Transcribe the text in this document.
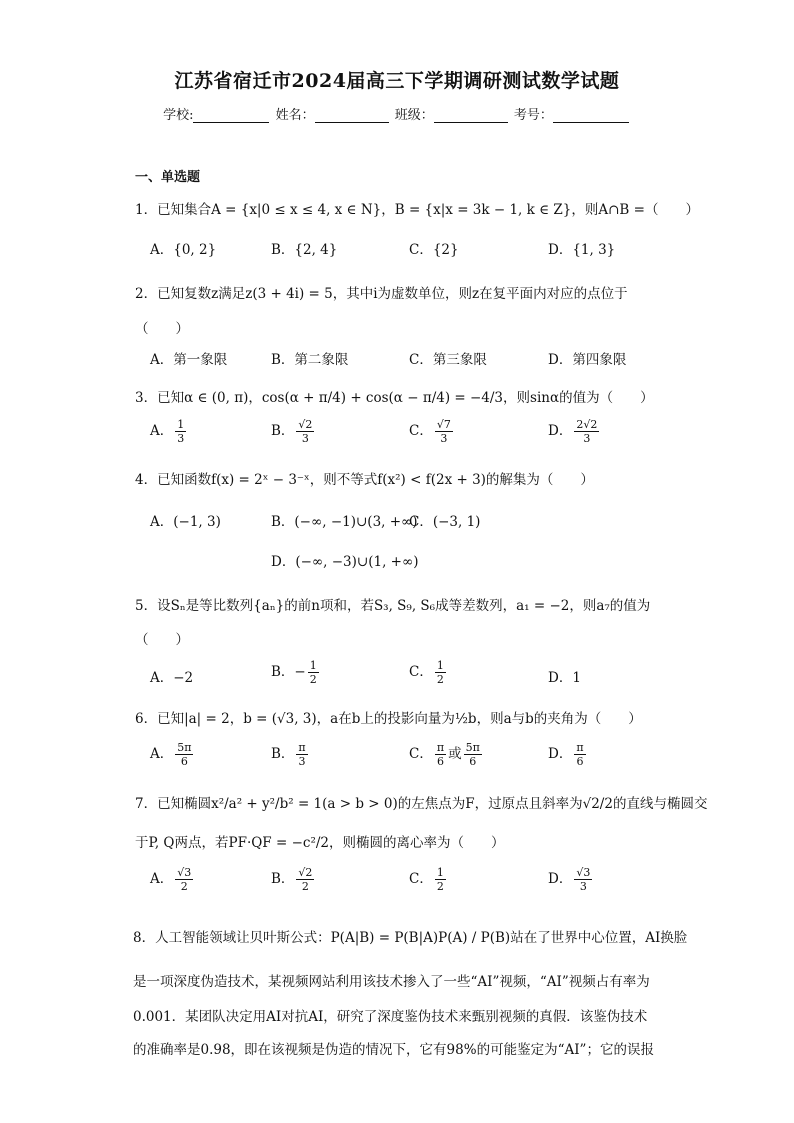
江苏省宿迁市2024届高三下学期调研测试数学试题
学校:	姓名：	班级：	考号：
一、单选题
1．已知集合A = {x|0 ≤ x ≤ 4, x ∈ N}，B = {x|x = 3k − 1, k ∈ Z}，则A∩B =（　　）
A．{0, 2}	B．{2, 4}	C．{2}	D．{1, 3}
2．已知复数z满足z(3 + 4i) = 5，其中i为虚数单位，则z在复平面内对应的点位于
（　　）
A．第一象限	B．第二象限	C．第三象限	D．第四象限
3．已知α ∈ (0, π)，cos(α + π/4) + cos(α − π/4) = −4/3，则sinα的值为（　　）
A． $\frac{1}{3}$	B． $\frac{√2}{3}$	C． $\frac{√7}{3}$	D． $\frac{2√2}{3}$
4．已知函数f(x) = 2ˣ − 3⁻ˣ，则不等式f(x²) < f(2x + 3)的解集为（　　）
A．(−1, 3)	B．(−∞, −1)∪(3, +∞)
C．(−3, 1)
D．(−∞, −3)∪(1, +∞)
5．设Sₙ是等比数列{aₙ}的前n项和，若S₃, S₉, S₆成等差数列，a₁ = −2，则a₇的值为
（　　）
A．−2	B．− $\frac{1}{2}$	C． $\frac{1}{2}$	D．1
6．已知|a| = 2，b = (√3, 3)，a在b上的投影向量为½b，则a与b的夹角为（　　）
A． $\frac{5\pi}{6}$	B． $\frac{\pi}{3}$	C． $\frac{\pi}{6}$ 或 $\frac{5\pi}{6}$	D． $\frac{\pi}{6}$
7．已知椭圆x²/a² + y²/b² = 1(a > b > 0)的左焦点为F，过原点且斜率为√2/2的直线与椭圆交
于P, Q两点，若PF·QF = −c²/2，则椭圆的离心率为（　　）
A． $\frac{√3}{2}$	B． $\frac{√2}{2}$	C． $\frac{1}{2}$	D． $\frac{√3}{3}$
8．人工智能领域让贝叶斯公式：P(A|B) = P(B|A)P(A) / P(B)站在了世界中心位置，AI换脸
是一项深度伪造技术，某视频网站利用该技术掺入了一些“AI”视频，“AI”视频占有率为
0.001．某团队决定用AI对抗AI，研究了深度鉴伪技术来甄别视频的真假．该鉴伪技术
的准确率是0.98，即在该视频是伪造的情况下，它有98%的可能鉴定为“AI”；它的误报
